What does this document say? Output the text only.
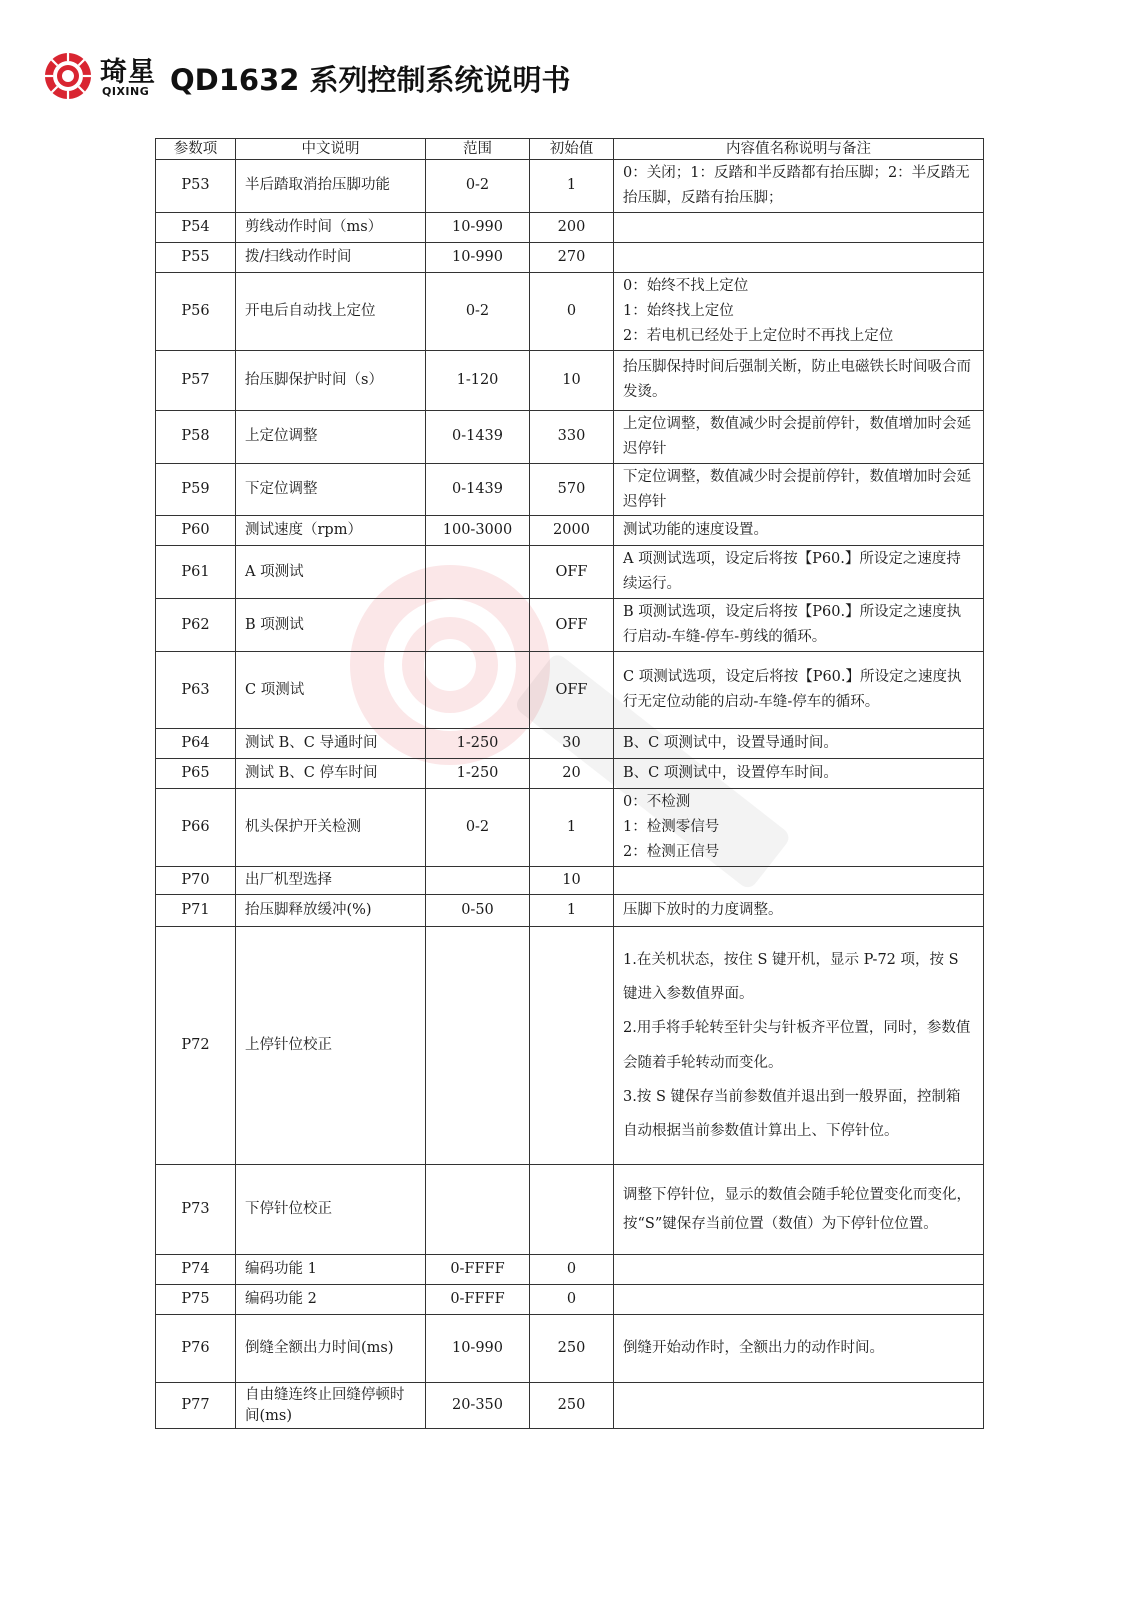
琦星
QIXING QD1632 系列控制系统说明书
参数项	中文说明	范围	初始值	内容值名称说明与备注
P53	半后踏取消抬压脚功能	0-2	1	0：关闭；1：反踏和半反踏都有抬压脚；2：半反踏无抬压脚，反踏有抬压脚；

P54	剪线动作时间（ms）	10-990	200	
P55	拨/扫线动作时间	10-990	270	
P56	开电后自动找上定位	0-2	0	0：始终不找上定位
1：始终找上定位
2：若电机已经处于上定位时不再找上定位

P57	抬压脚保护时间（s）	1-120	10	抬压脚保持时间后强制关断，防止电磁铁长时间吸合而发烫。

P58	上定位调整	0-1439	330	上定位调整，数值减少时会提前停针，数值增加时会延迟停针

P59	下定位调整	0-1439	570	下定位调整，数值减少时会提前停针，数值增加时会延迟停针

P60	测试速度（rpm）	100-3000	2000	测试功能的速度设置。

P61	A 项测试		OFF	A 项测试选项，设定后将按【P60.】所设定之速度持续运行。

P62	B 项测试		OFF	B 项测试选项，设定后将按【P60.】所设定之速度执行启动-车缝-停车-剪线的循环。

P63	C 项测试		OFF	C 项测试选项，设定后将按【P60.】所设定之速度执行无定位动能的启动-车缝-停车的循环。

P64	测试 B、C 导通时间	1-250	30	B、C 项测试中，设置导通时间。

P65	测试 B、C 停车时间	1-250	20	B、C 项测试中，设置停车时间。

P66	机头保护开关检测	0-2	1	0：不检测
1：检测零信号
2：检测正信号

P70	出厂机型选择		10	
P71	抬压脚释放缓冲(%)	0-50	1	压脚下放时的力度调整。

P72	上停针位校正			1.在关机状态，按住 S 键开机，显示 P-72 项，按 S 键进入参数值界面。
2.用手将手轮转至针尖与针板齐平位置，同时，参数值会随着手轮转动而变化。
3.按 S 键保存当前参数值并退出到一般界面，控制箱自动根据当前参数值计算出上、下停针位。

P73	下停针位校正			调整下停针位，显示的数值会随手轮位置变化而变化，按“S”键保存当前位置（数值）为下停针位位置。

P74	编码功能 1	0-FFFF	0	
P75	编码功能 2	0-FFFF	0	
P76	倒缝全额出力时间(ms)	10-990	250	倒缝开始动作时，全额出力的动作时间。

P77	自由缝连终止回缝停顿时间(ms)	20-350	250	
